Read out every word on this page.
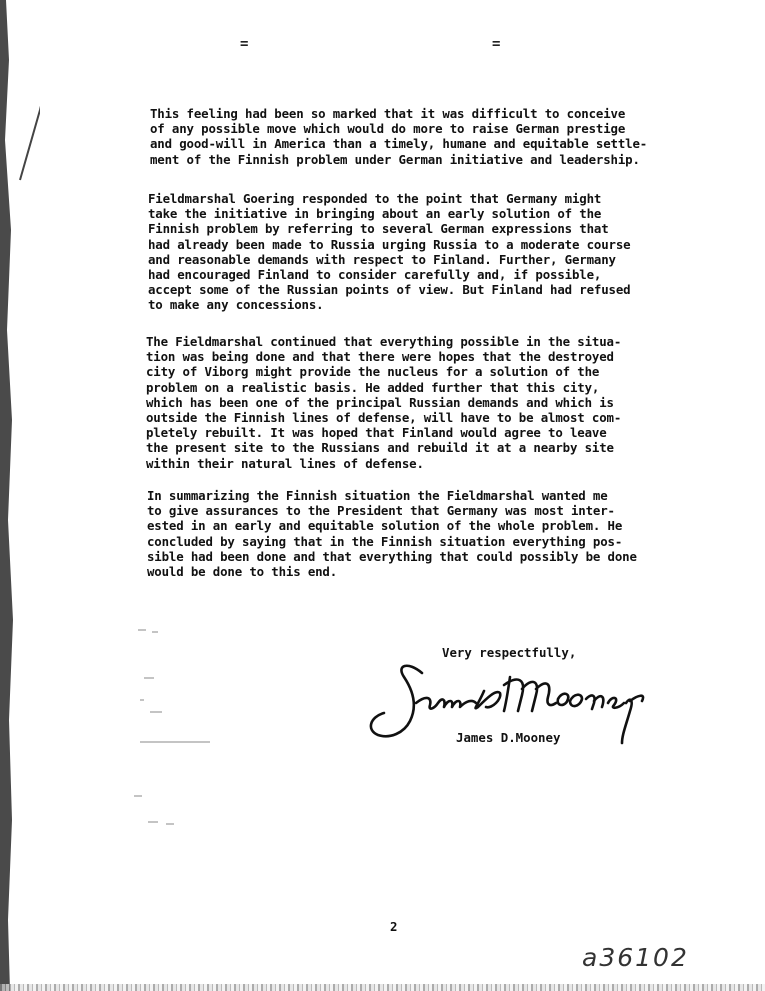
=	=

This feeling had been so marked that it was difficult to conceive
of any possible move which would do more to raise German prestige
and good-will in America than a timely, humane and equitable settle-
ment of the Finnish problem under German initiative and leadership.

Fieldmarshal Goering responded to the point that Germany might
take the initiative in bringing about an early solution of the
Finnish problem by referring to several German expressions that
had already been made to Russia urging Russia to a moderate course
and reasonable demands with respect to Finland. Further, Germany
had encouraged Finland to consider carefully and, if possible,
accept some of the Russian points of view. But Finland had refused
to make any concessions.

The Fieldmarshal continued that everything possible in the situa-
tion was being done and that there were hopes that the destroyed
city of Viborg might provide the nucleus for a solution of the
problem on a realistic basis. He added further that this city,
which has been one of the principal Russian demands and which is
outside the Finnish lines of defense, will have to be almost com-
pletely rebuilt. It was hoped that Finland would agree to leave
the present site to the Russians and rebuild it at a nearby site
within their natural lines of defense.

In summarizing the Finnish situation the Fieldmarshal wanted me
to give assurances to the President that Germany was most inter-
ested in an early and equitable solution of the whole problem. He
concluded by saying that in the Finnish situation everything pos-
sible had been done and that everything that could possibly be done
would be done to this end.

Very respectfully,
James D.Mooney
2
a36102
